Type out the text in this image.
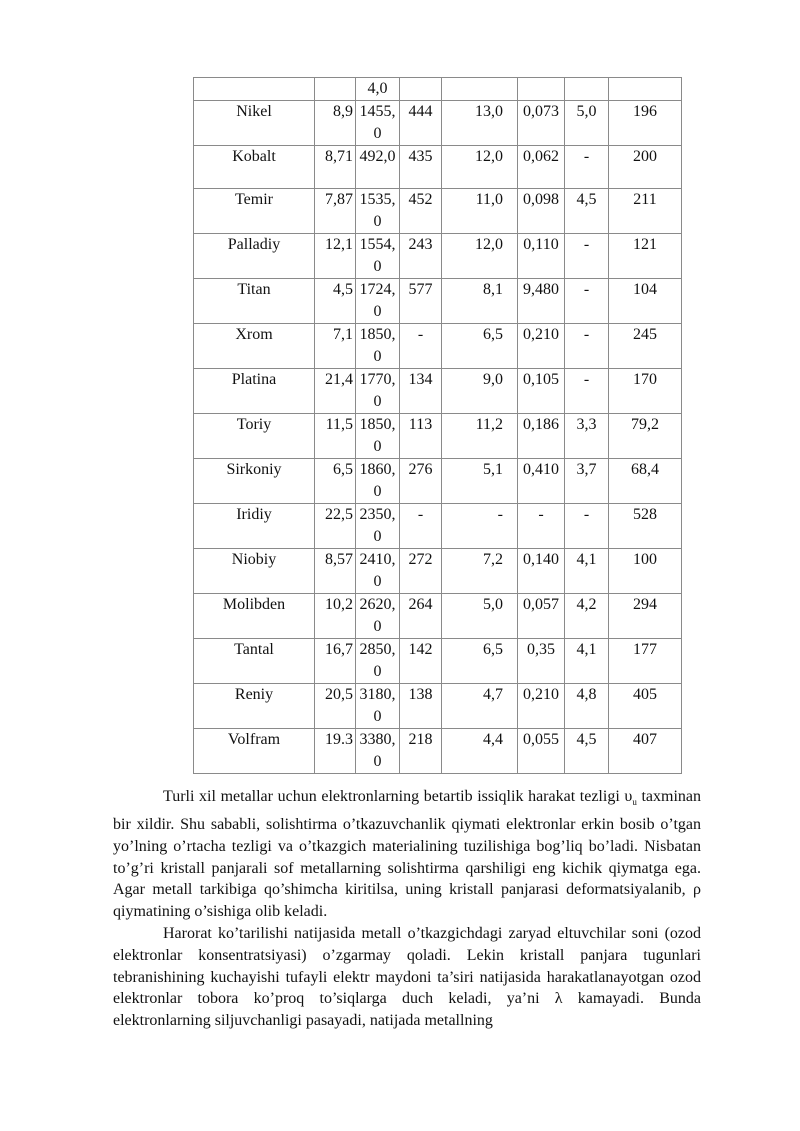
		4,0					
Nikel	8,9	1455,0	444	13,0	0,073	5,0	196
Kobalt	8,71	492,0	435	12,0	0,062	-	200
Temir	7,87	1535,0	452	11,0	0,098	4,5	211
Palladiy	12,1	1554,0	243	12,0	0,110	-	121
Titan	4,5	1724,0	577	8,1	9,480	-	104
Xrom	7,1	1850,0	-	6,5	0,210	-	245
Platina	21,4	1770,0	134	9,0	0,105	-	170
Toriy	11,5	1850,0	113	11,2	0,186	3,3	79,2
Sirkoniy	6,5	1860,0	276	5,1	0,410	3,7	68,4
Iridiy	22,5	2350,0	-	-	-	-	528
Niobiy	8,57	2410,0	272	7,2	0,140	4,1	100
Molibden	10,2	2620,0	264	5,0	0,057	4,2	294
Tantal	16,7	2850,0	142	6,5	0,35	4,1	177
Reniy	20,5	3180,0	138	4,7	0,210	4,8	405
Volfram	19.3	3380,0	218	4,4	0,055	4,5	407

Turli xil metallar uchun elektronlarning betartib issiqlik harakat tezligi $\upsilon_u$ taxminan bir xildir. Shu sababli, solishtirma o’tkazuvchanlik qiymati elektronlar erkin bosib o’tgan yo’lning o’rtacha tezligi va o’tkazgich materialining tuzilishiga bog’liq bo’ladi. Nisbatan to’g’ri kristall panjarali sof metallarning solishtirma qarshiligi eng kichik qiymatga ega. Agar metall tarkibiga qo’shimcha kiritilsa, uning kristall panjarasi deformatsiyalanib, ρ qiymatining o’sishiga olib keladi.

Harorat ko’tarilishi natijasida metall o’tkazgichdagi zaryad eltuvchilar soni (ozod elektronlar konsentratsiyasi) o’zgarmay qoladi. Lekin kristall panjara tugunlari tebranishining kuchayishi tufayli elektr maydoni ta’siri natijasida harakatlanayotgan ozod elektronlar tobora ko’proq to’siqlarga duch keladi, ya’ni λ kamayadi. Bunda elektronlarning siljuvchanligi pasayadi, natijada metallning
